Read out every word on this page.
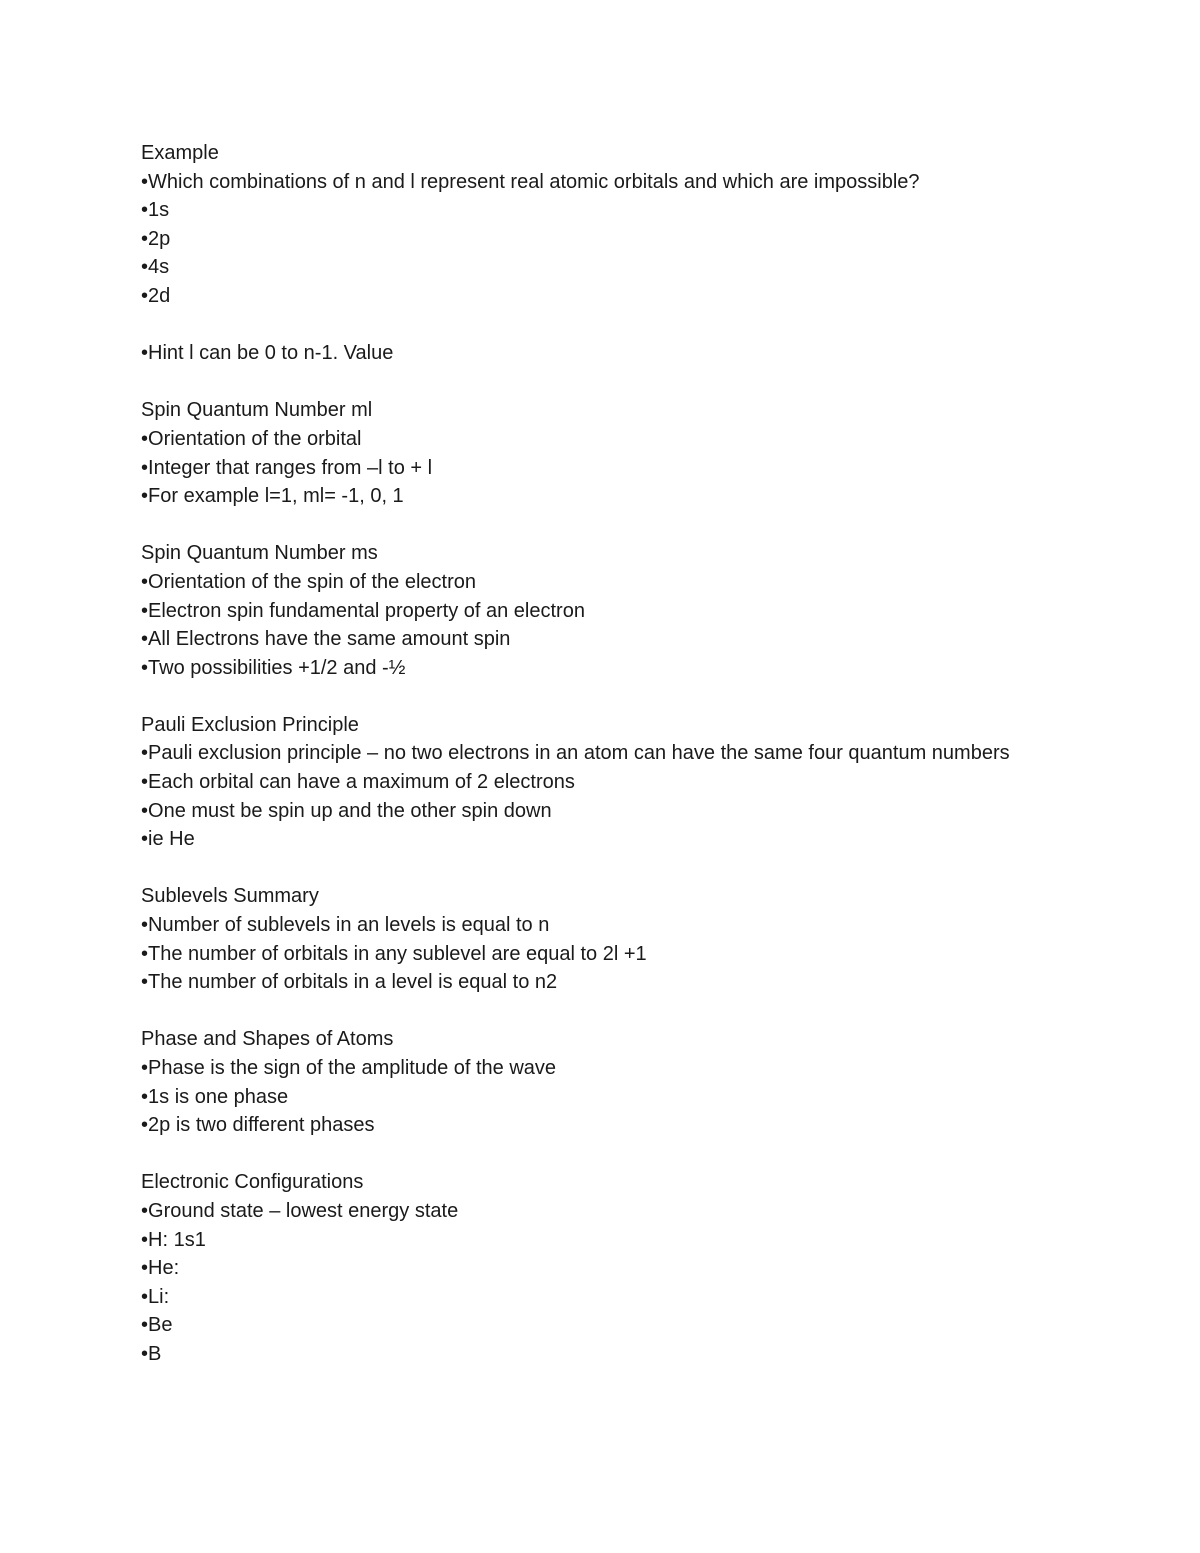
Example
• Which combinations of n and l represent real atomic orbitals and which are impossible?
• 1s
• 2p
• 4s
• 2d
• Hint l can be 0 to n-1. Value
Spin Quantum Number ml
• Orientation of the orbital
• Integer that ranges from –l to + l
• For example l=1, ml= -1, 0, 1
Spin Quantum Number ms
• Orientation of the spin of the electron
• Electron spin fundamental property of an electron
• All Electrons have the same amount spin
• Two possibilities +1/2 and -½
Pauli Exclusion Principle
• Pauli exclusion principle – no two electrons in an atom can have the same four quantum numbers
• Each orbital can have a maximum of 2 electrons
• One must be spin up and the other spin down
• ie He
Sublevels Summary
• Number of sublevels in an levels is equal to n
• The number of orbitals in any sublevel are equal to 2l +1
• The number of orbitals in a level is equal to n2
Phase and Shapes of Atoms
• Phase is the sign of the amplitude of the wave
• 1s is one phase
• 2p is two different phases
Electronic Configurations
• Ground state – lowest energy state
• H: 1s1
• He:
• Li:
• Be
• B
